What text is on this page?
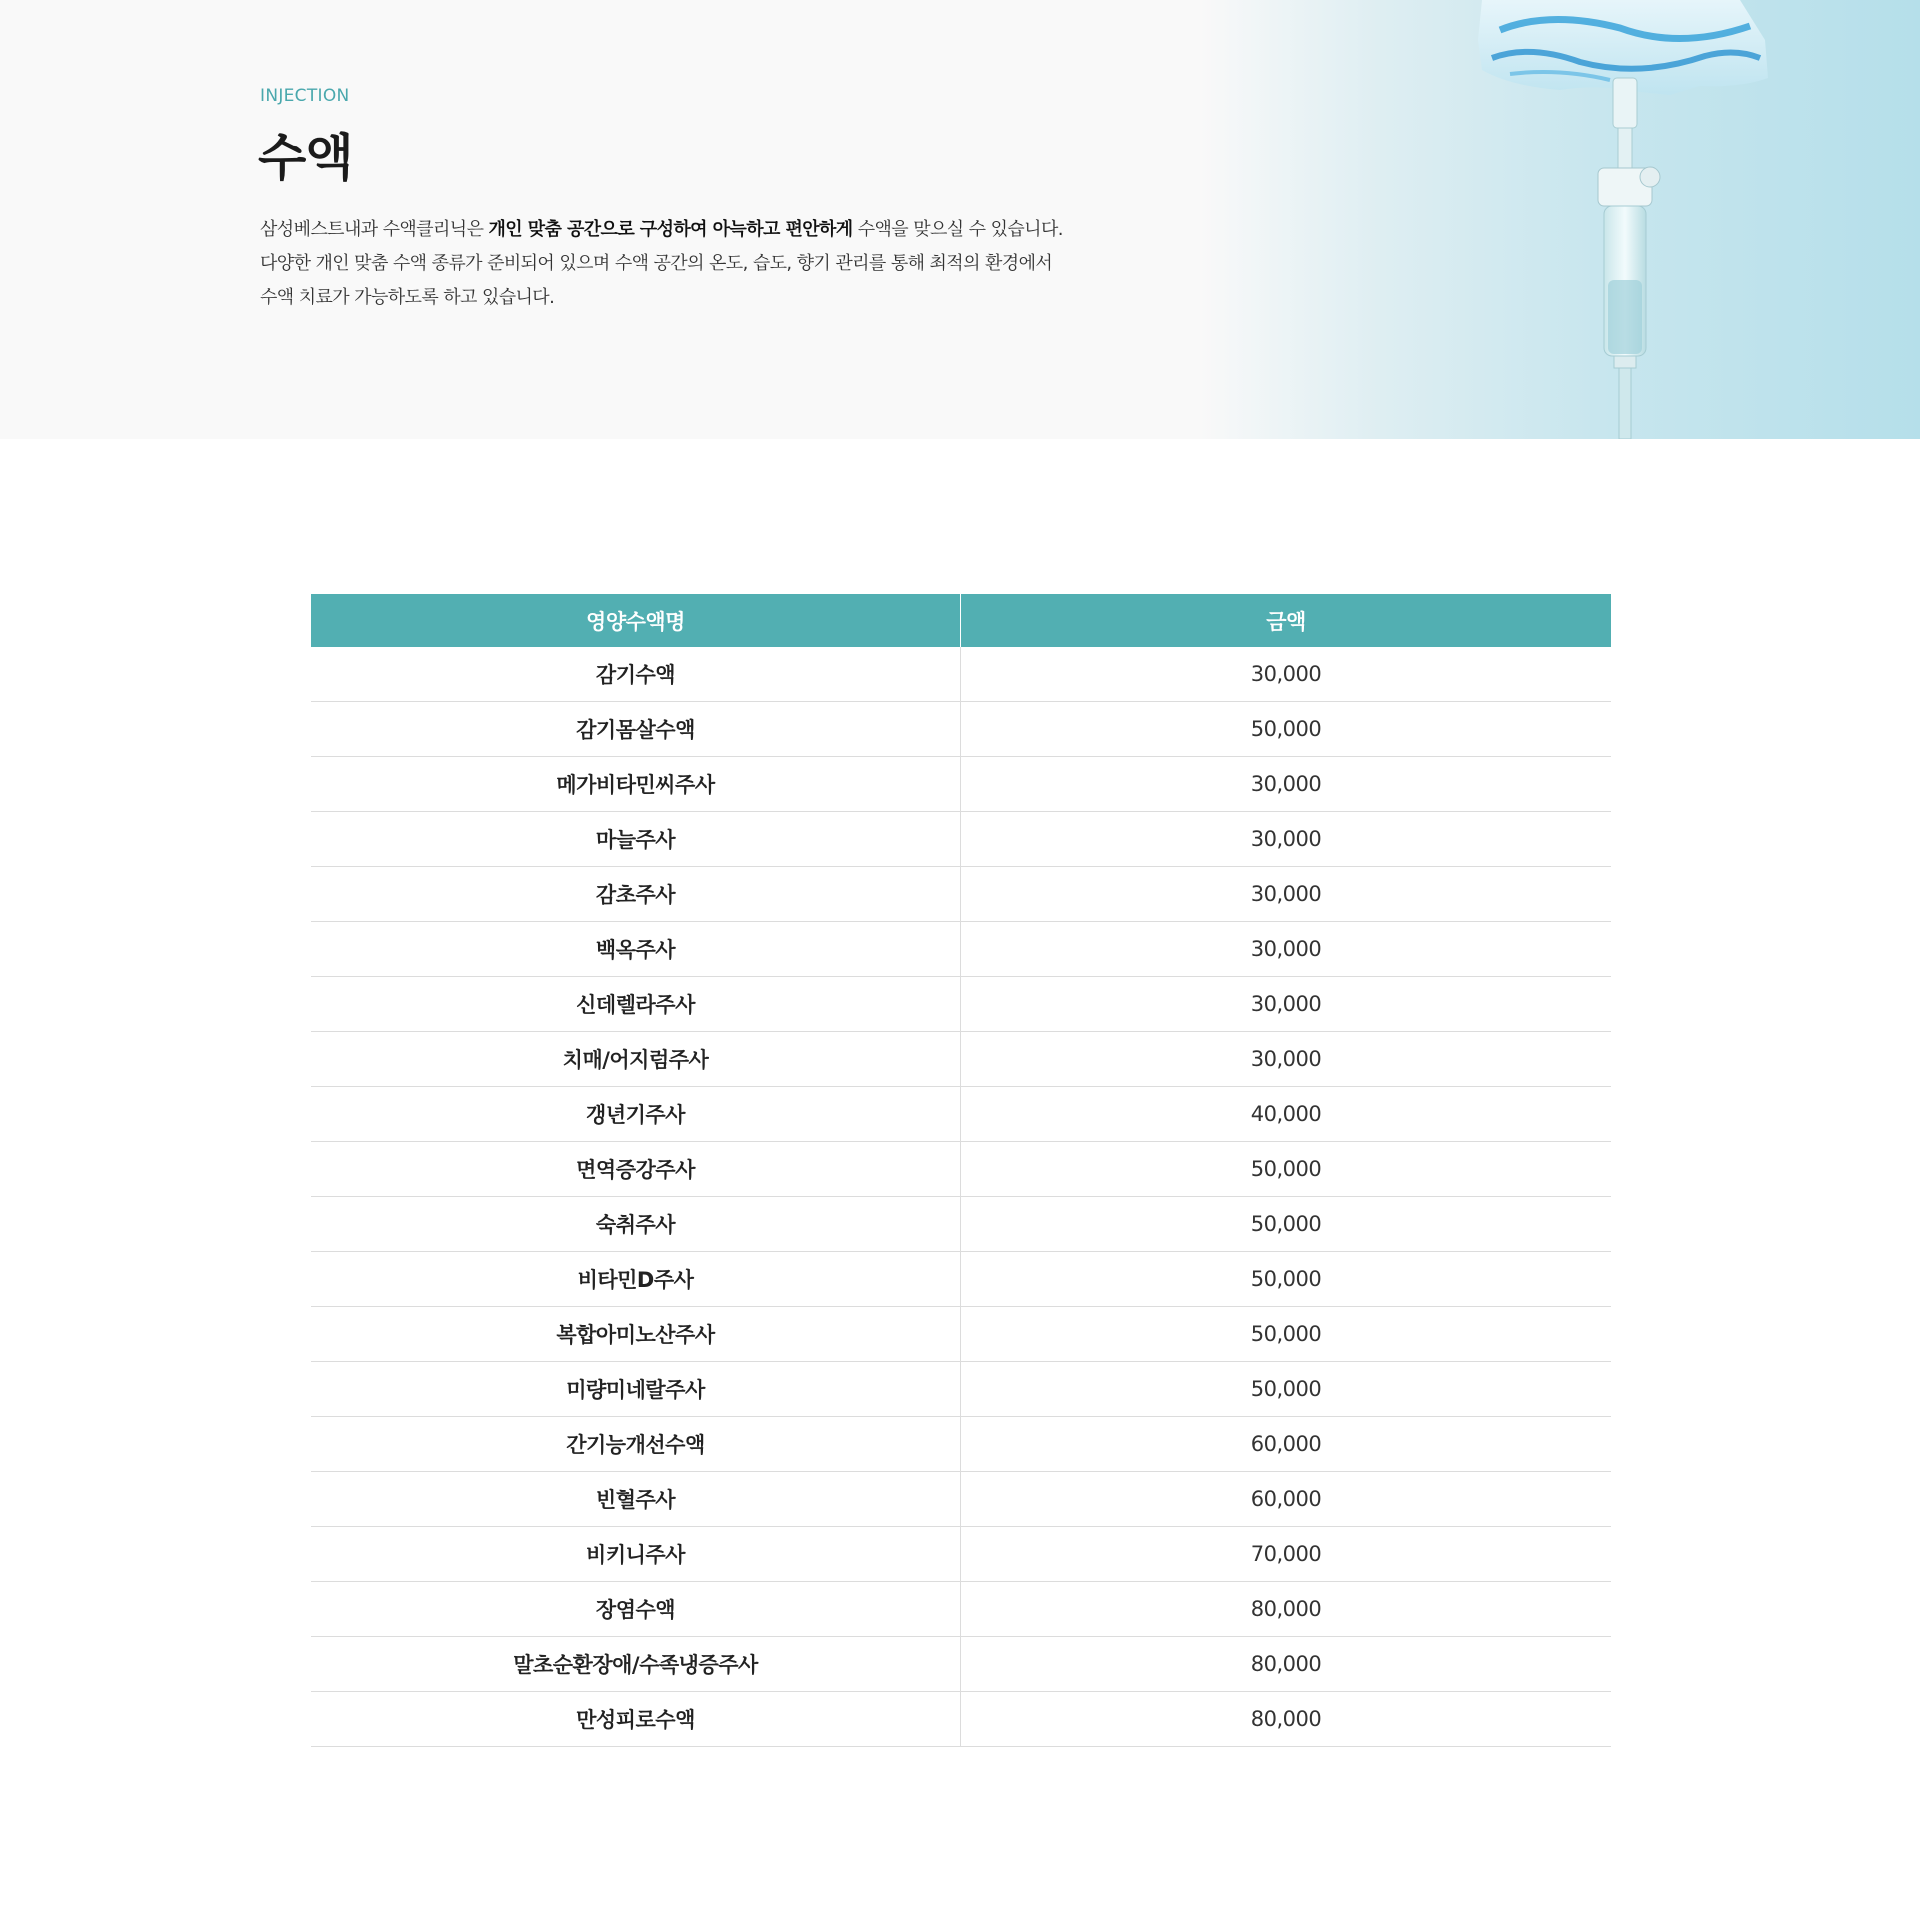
INJECTION
수액

삼성베스트내과 수액클리닉은 개인 맞춤 공간으로 구성하여 아늑하고 편안하게 수액을 맞으실 수 있습니다.

다양한 개인 맞춤 수액 종류가 준비되어 있으며 수액 공간의 온도, 습도, 향기 관리를 통해 최적의 환경에서

수액 치료가 가능하도록 하고 있습니다.

영양수액명	금액
감기수액	30,000
감기몸살수액	50,000
메가비타민씨주사	30,000
마늘주사	30,000
감초주사	30,000
백옥주사	30,000
신데렐라주사	30,000
치매/어지럼주사	30,000
갱년기주사	40,000
면역증강주사	50,000
숙취주사	50,000
비타민D주사	50,000
복합아미노산주사	50,000
미량미네랄주사	50,000
간기능개선수액	60,000
빈혈주사	60,000
비키니주사	70,000
장염수액	80,000
말초순환장애/수족냉증주사	80,000
만성피로수액	80,000
